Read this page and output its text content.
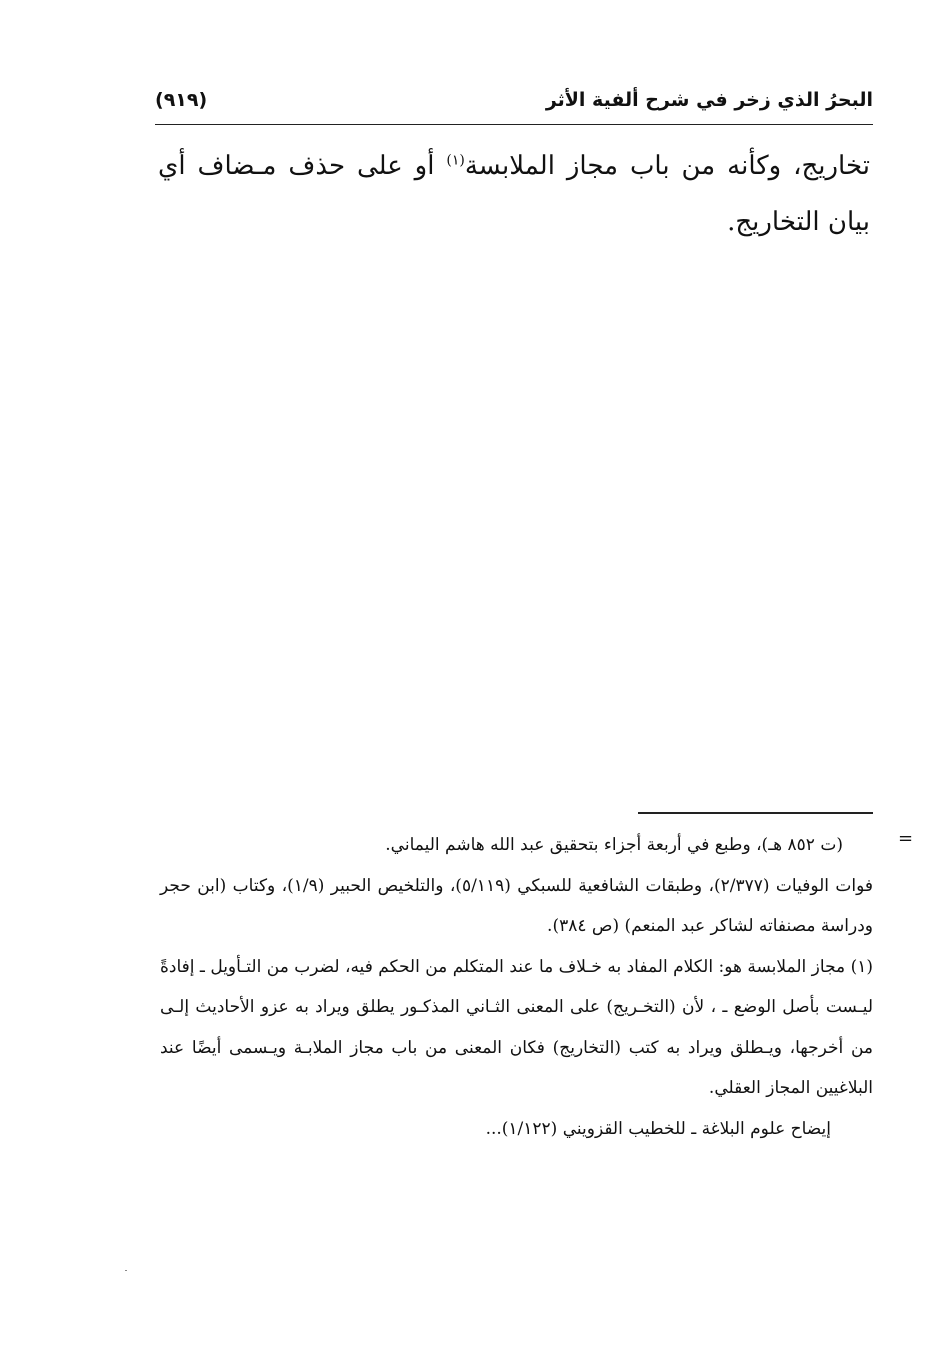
(٩١٩)	البحرُ الذي زخر في شرح ألفية الأثر
تخاريج، وكأنه من باب مجاز الملابسة$^{(١)}$ أو على حذف مـضاف أي بيان التخاريج.
=

(ت ٨٥٢ هـ)، وطبع في أربعة أجزاء بتحقيق عبد الله هاشم اليماني.

فوات الوفيات (٢/٣٧٧)، وطبقات الشافعية للسبكي (٥/١١٩)، والتلخيص الحبير (١/٩)، وكتاب (ابن حجر ودراسة مصنفاته لشاكر عبد المنعم) (ص ٣٨٤).

(١) مجاز الملابسة هو: الكلام المفاد به خـلاف ما عند المتكلم من الحكم فيه، لضرب من التـأويل ـ إفادةً ليـست بأصل الوضع ـ ، لأن (التخـريج) على المعنى الثـاني المذكـور يطلق ويراد به عزو الأحاديث إلـى من أخرجها، ويـطلق ويراد به كتب (التخاريج) فكان المعنى من باب مجاز الملابـة ويـسمى أيضًا عند البلاغيين المجاز العقلي.

إيضاح علوم البلاغة ـ للخطيب القزويني (١/١٢٢)...
